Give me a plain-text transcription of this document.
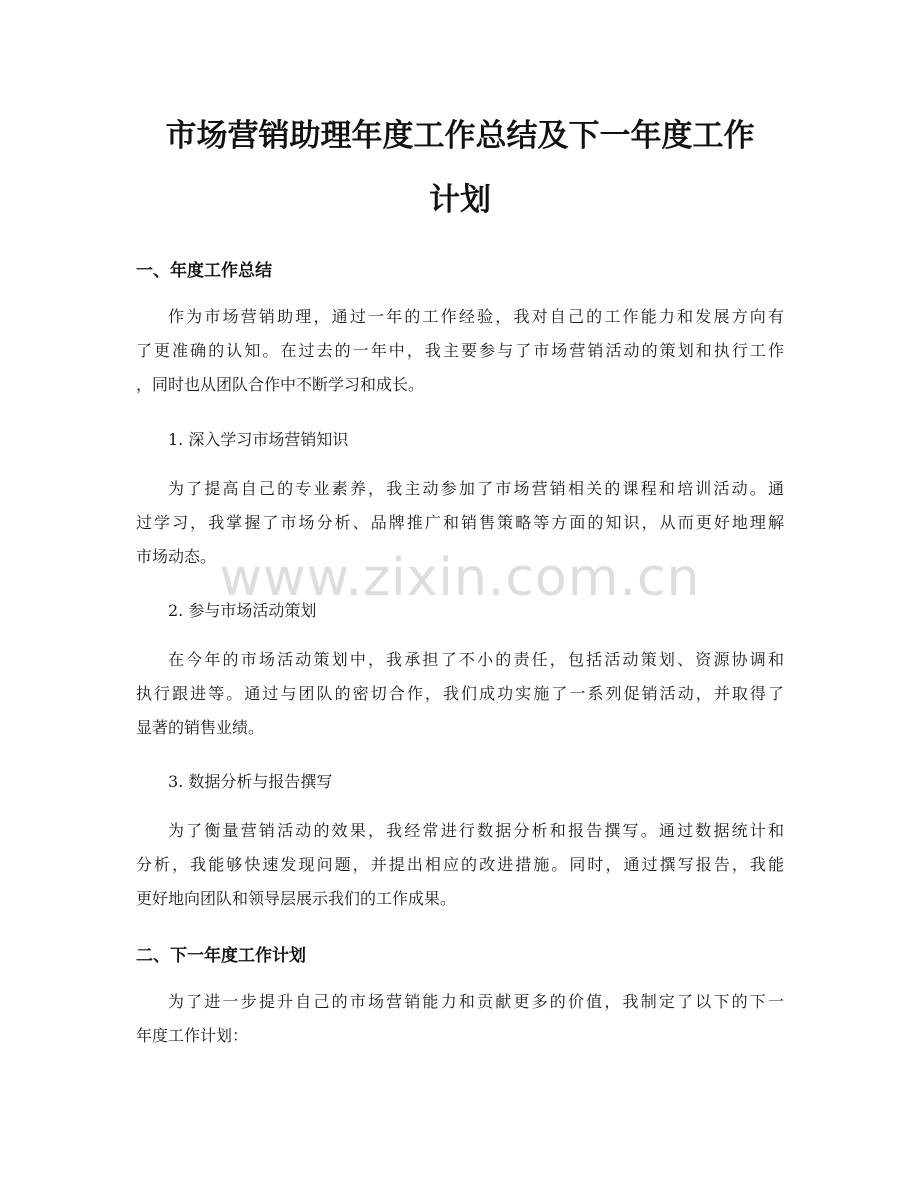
市场营销助理年度工作总结及下一年度工作
计划
一、年度工作总结

作为市场营销助理，通过一年的工作经验，我对自己的工作能力和发展方向有
了更准确的认知。在过去的一年中，我主要参与了市场营销活动的策划和执行工作
，同时也从团队合作中不断学习和成长。

1. 深入学习市场营销知识

为了提高自己的专业素养，我主动参加了市场营销相关的课程和培训活动。通
过学习，我掌握了市场分析、品牌推广和销售策略等方面的知识，从而更好地理解
市场动态。

2. 参与市场活动策划

在今年的市场活动策划中，我承担了不小的责任，包括活动策划、资源协调和
执行跟进等。通过与团队的密切合作，我们成功实施了一系列促销活动，并取得了
显著的销售业绩。

3. 数据分析与报告撰写

为了衡量营销活动的效果，我经常进行数据分析和报告撰写。通过数据统计和
分析，我能够快速发现问题，并提出相应的改进措施。同时，通过撰写报告，我能
更好地向团队和领导层展示我们的工作成果。

二、下一年度工作计划

为了进一步提升自己的市场营销能力和贡献更多的价值，我制定了以下的下一
年度工作计划：

www.zixin.com.cn
